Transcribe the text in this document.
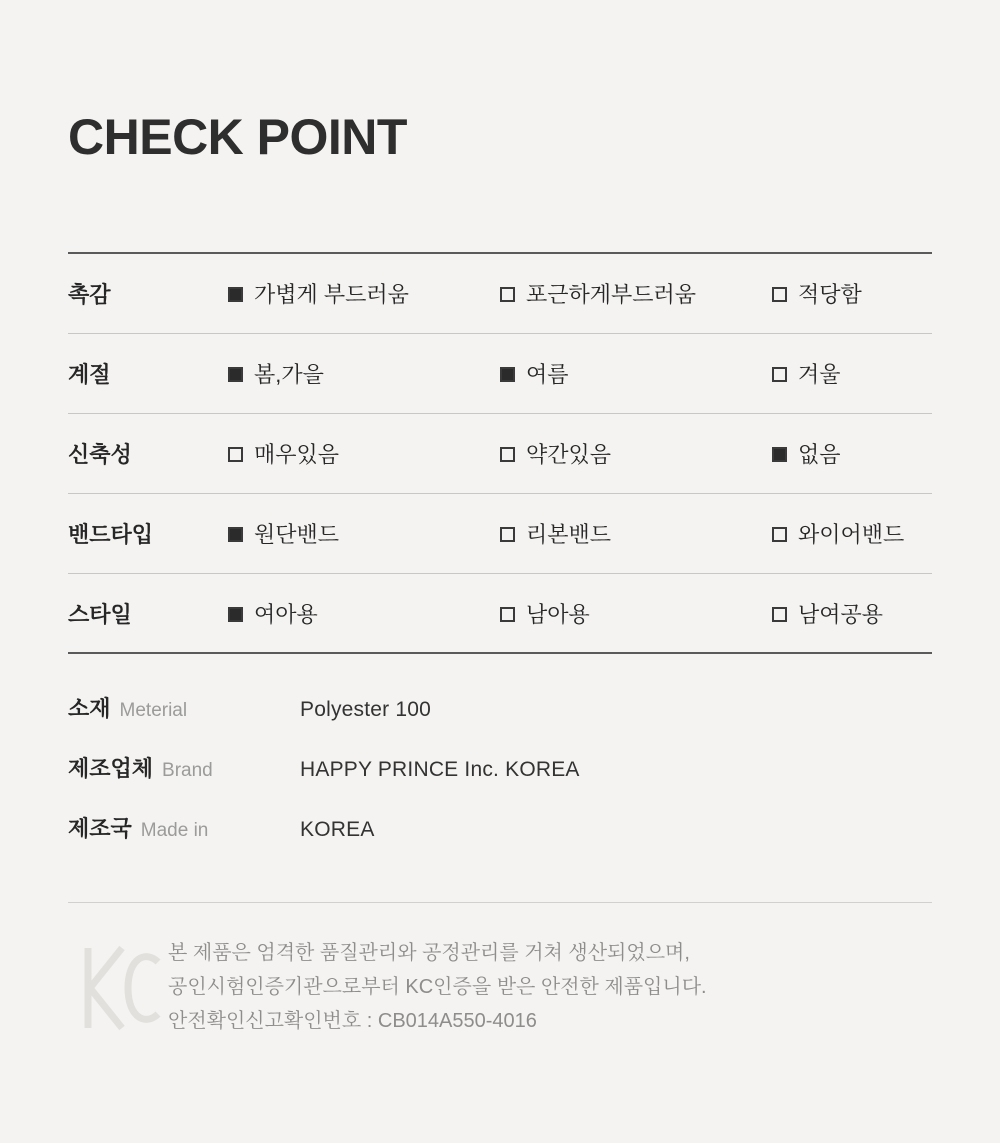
CHECK POINT
촉감	가볍게 부드러움	포근하게부드러움	적당함
계절	봄,가을	여름	겨울
신축성	매우있음	약간있음	없음
밴드타입	원단밴드	리본밴드	와이어밴드
스타일	여아용	남아용	남여공용
소재 Meterial	Polyester 100
제조업체 Brand	HAPPY PRINCE Inc. KOREA
제조국 Made in	KOREA
본 제품은 엄격한 품질관리와 공정관리를 거쳐 생산되었으며,
공인시험인증기관으로부터 KC인증을 받은 안전한 제품입니다.
안전확인신고확인번호 : CB014A550-4016
